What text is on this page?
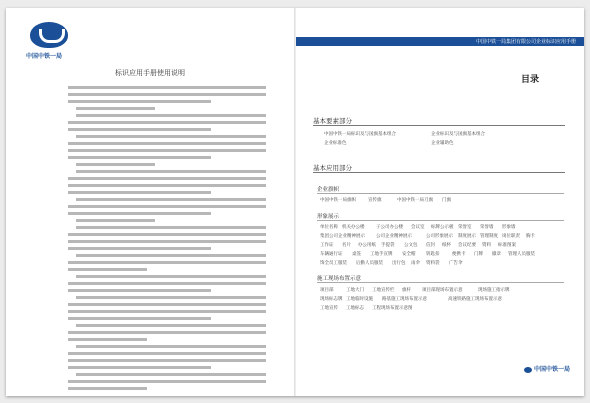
中国中铁一局
中国中铁一局集团有限公司企业标识应用手册
标识应用手册使用说明
目录
基本要素部分
中国中铁一局标识及与国旗基本组合	企业标识及与国旗基本组合
企业标准色	企业辅助色
基本应用部分
企业旗帜
中国中铁一局旗帜	宣传旗	中国中铁一局刀旗 门旗
形象展示
单位名称 机关办公楼	子公司办公楼 会议室 标牌公示板 荣誉室 荣誉墙 形象墙
集团公司企业精神展示 公司企业精神展示	公司形象展示 制度展示 管理制度 岗位职责 胸卡
工作证 名片 办公用纸 手提袋 公文包 信封 纸杯 会议纪要 资料 标准图案
车辆通行证 桌签 工地手宣牌 安全帽 钥匙扣	便携卡 门牌 徽章 管理人员服装
饰全员工服装 后勤人员服装 出行包 雨伞 资料袋 广告伞
施工现场布置示意
项目部	工地大门 工地宣传栏 旗杆 项目部现场布置示意	现场施工指示牌
现场标志牌 工地临时设施 路基施工现场布置示意	高速铁路施工现场布置示意
工地宣传 工地标志 工程现场布置示意图
中国中铁一局
